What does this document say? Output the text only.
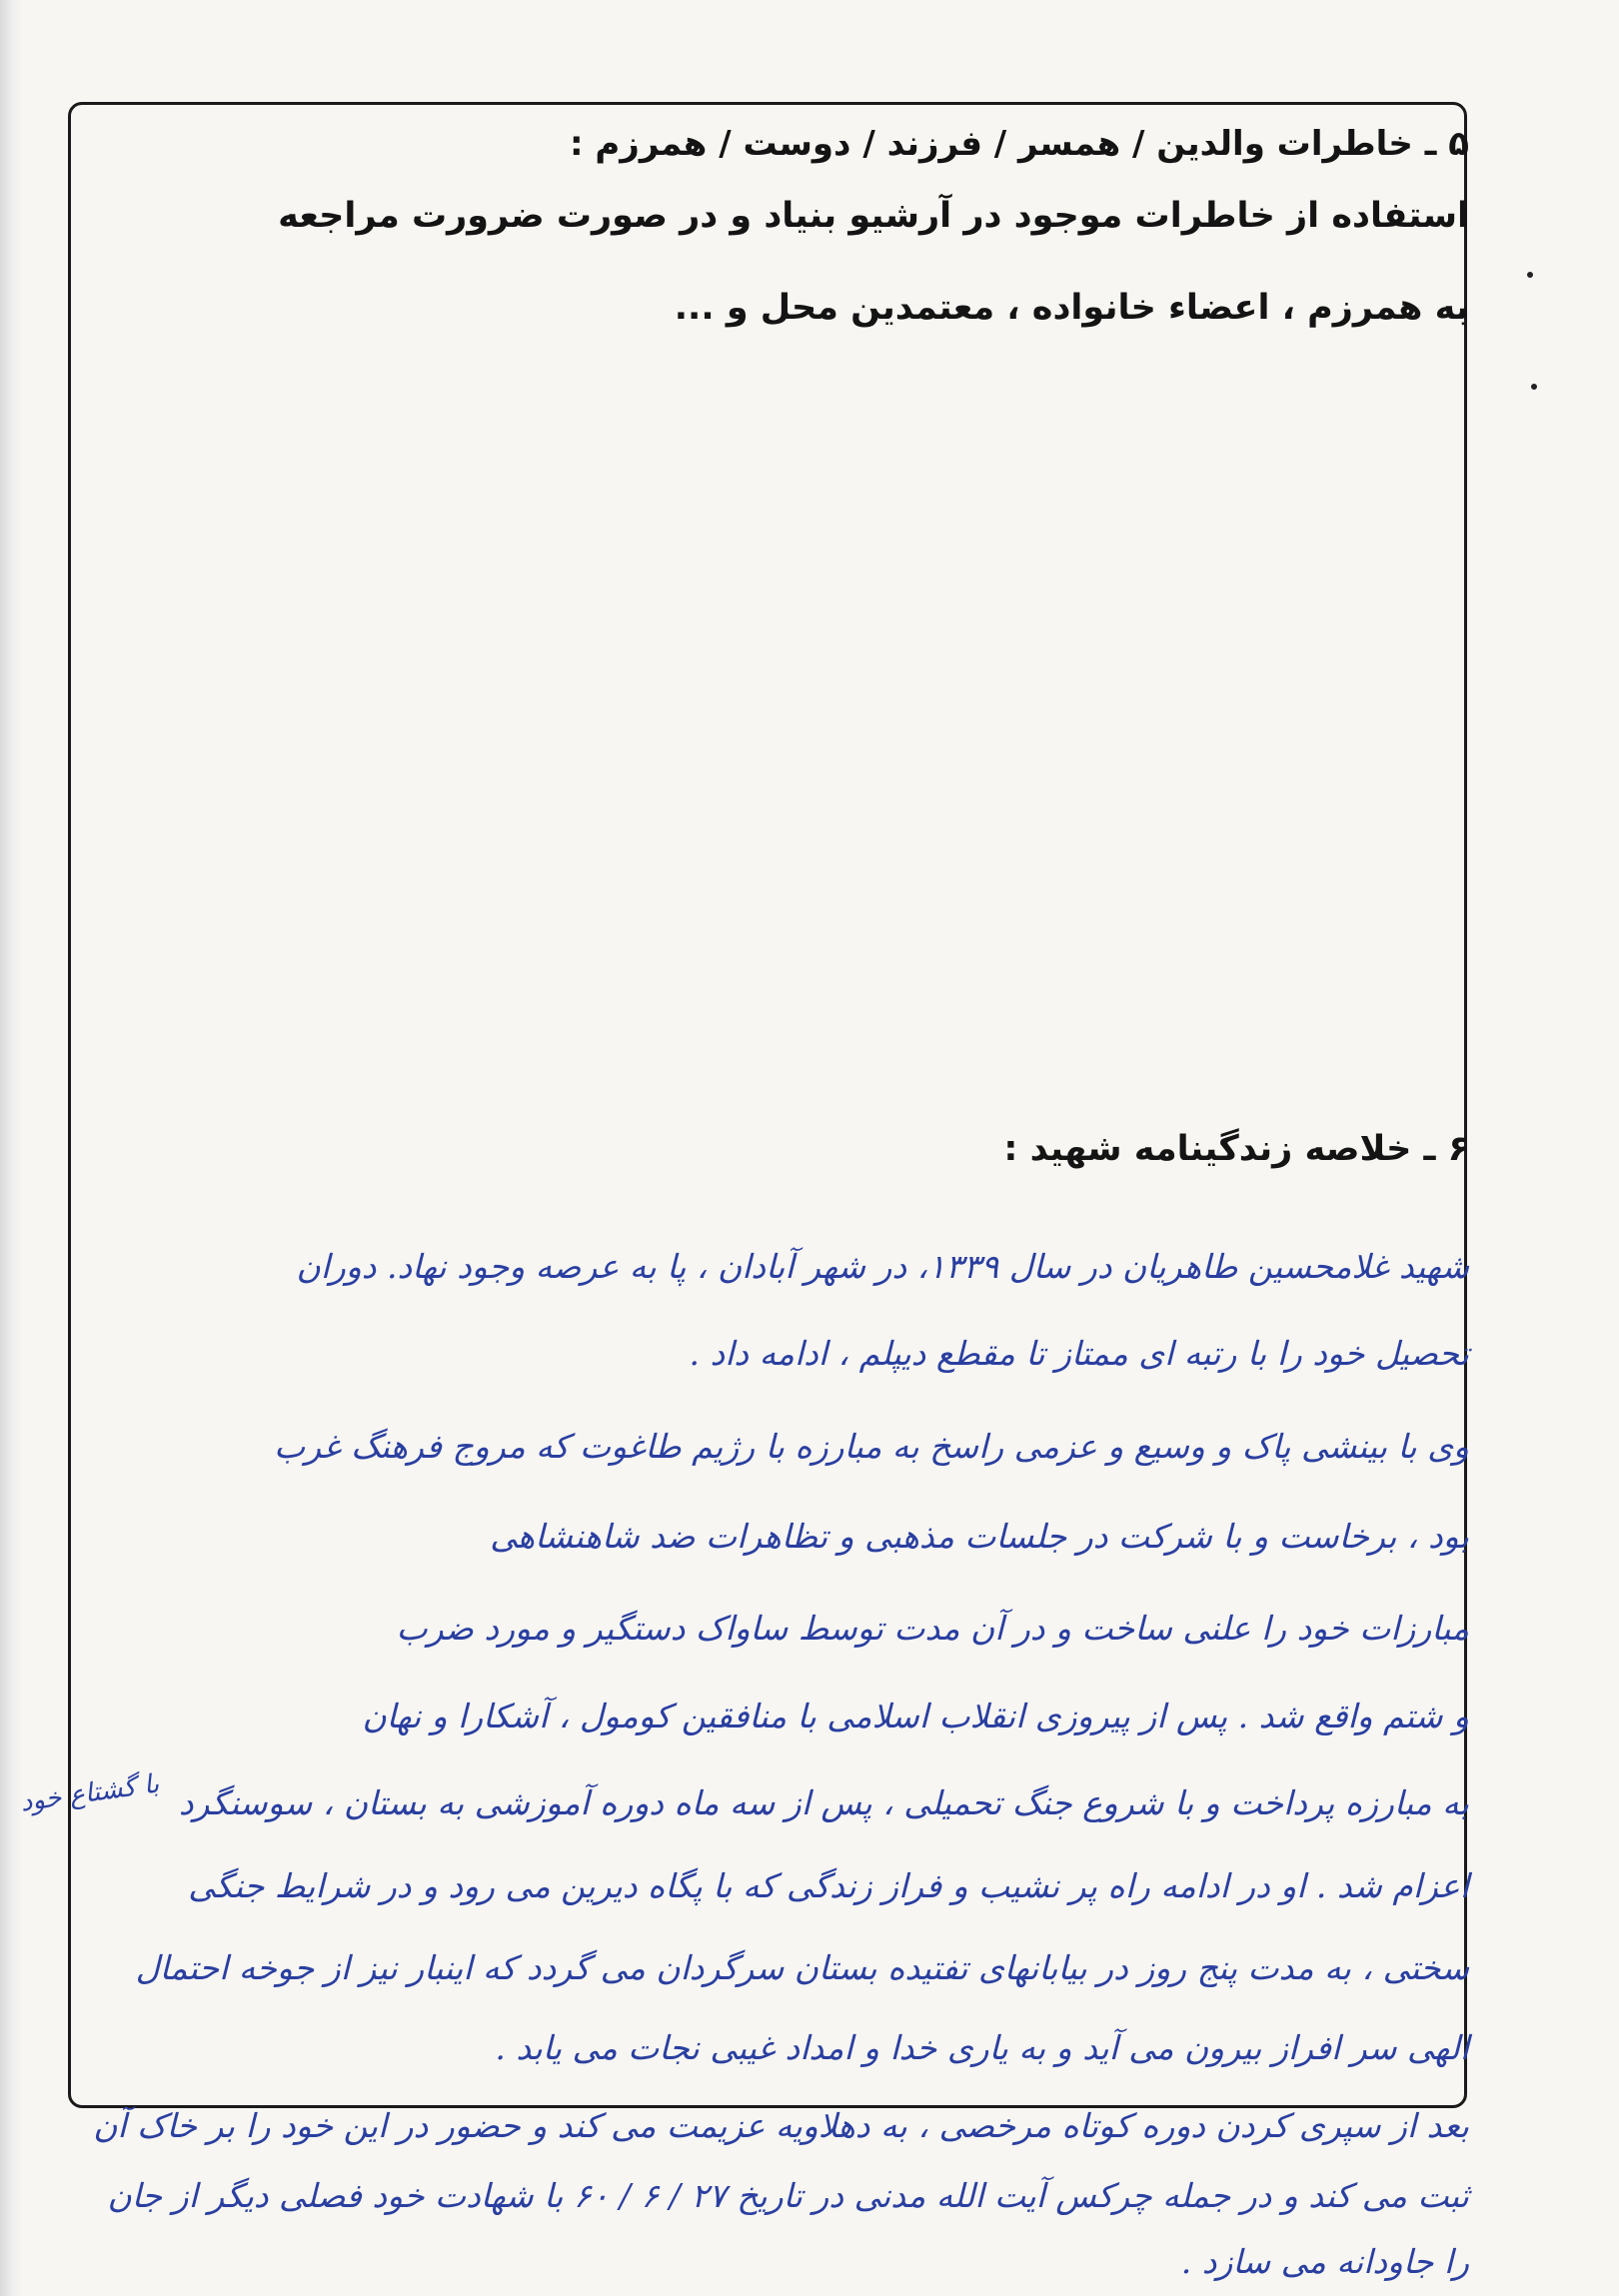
۵ ـ خاطرات والدین / همسر / فرزند / دوست / همرزم :
استفاده از خاطرات موجود در آرشیو بنیاد و در صورت ضرورت مراجعه
به همرزم ، اعضاء خانواده ، معتمدین محل و ...
۶ ـ خلاصه زندگینامه شهید :
شهید غلامحسین طاهریان در سال ۱۳۳۹، در شهر آبادان ، پا به عرصه وجود نهاد. دوران
تحصیل خود را با رتبه ای ممتاز تا مقطع دیپلم ، ادامه داد .
وی با بینشی پاک و وسیع و عزمی راسخ به مبارزه با رژیم طاغوت که مروج فرهنگ غرب
بود ، برخاست و با شرکت در جلسات مذهبی و تظاهرات ضد شاهنشاهی
مبارزات خود را علنی ساخت و در آن مدت توسط ساواک دستگیر و مورد ضرب
و شتم واقع شد . پس از پیروزی انقلاب اسلامی با منافقین کومول ، آشکارا و نهان
به مبارزه پرداخت و با شروع جنگ تحمیلی ، پس از سه ماه دوره آموزشی به بستان ، سوسنگرد
اعزام شد . او در ادامه راه پر نشیب و فراز زندگی که با پگاه دیرین می رود و در شرایط جنگی
سختی ، به مدت پنج روز در بیابانهای تفتیده بستان سرگردان می گردد که اینبار نیز از جوخه احتمال
الهی سر افراز بیرون می آید و به یاری خدا و امداد غیبی نجات می یابد .
بعد از سپری کردن دوره کوتاه مرخصی ، به دهلاویه عزیمت می کند و حضور در این خود را بر خاک آن
ثبت می کند و در جمله چرکس آیت الله مدنی در تاریخ ۲۷ / ۶ / ۶۰ با شهادت خود فصلی دیگر از جان
را جاودانه می سازد .
با گشتاع خود
